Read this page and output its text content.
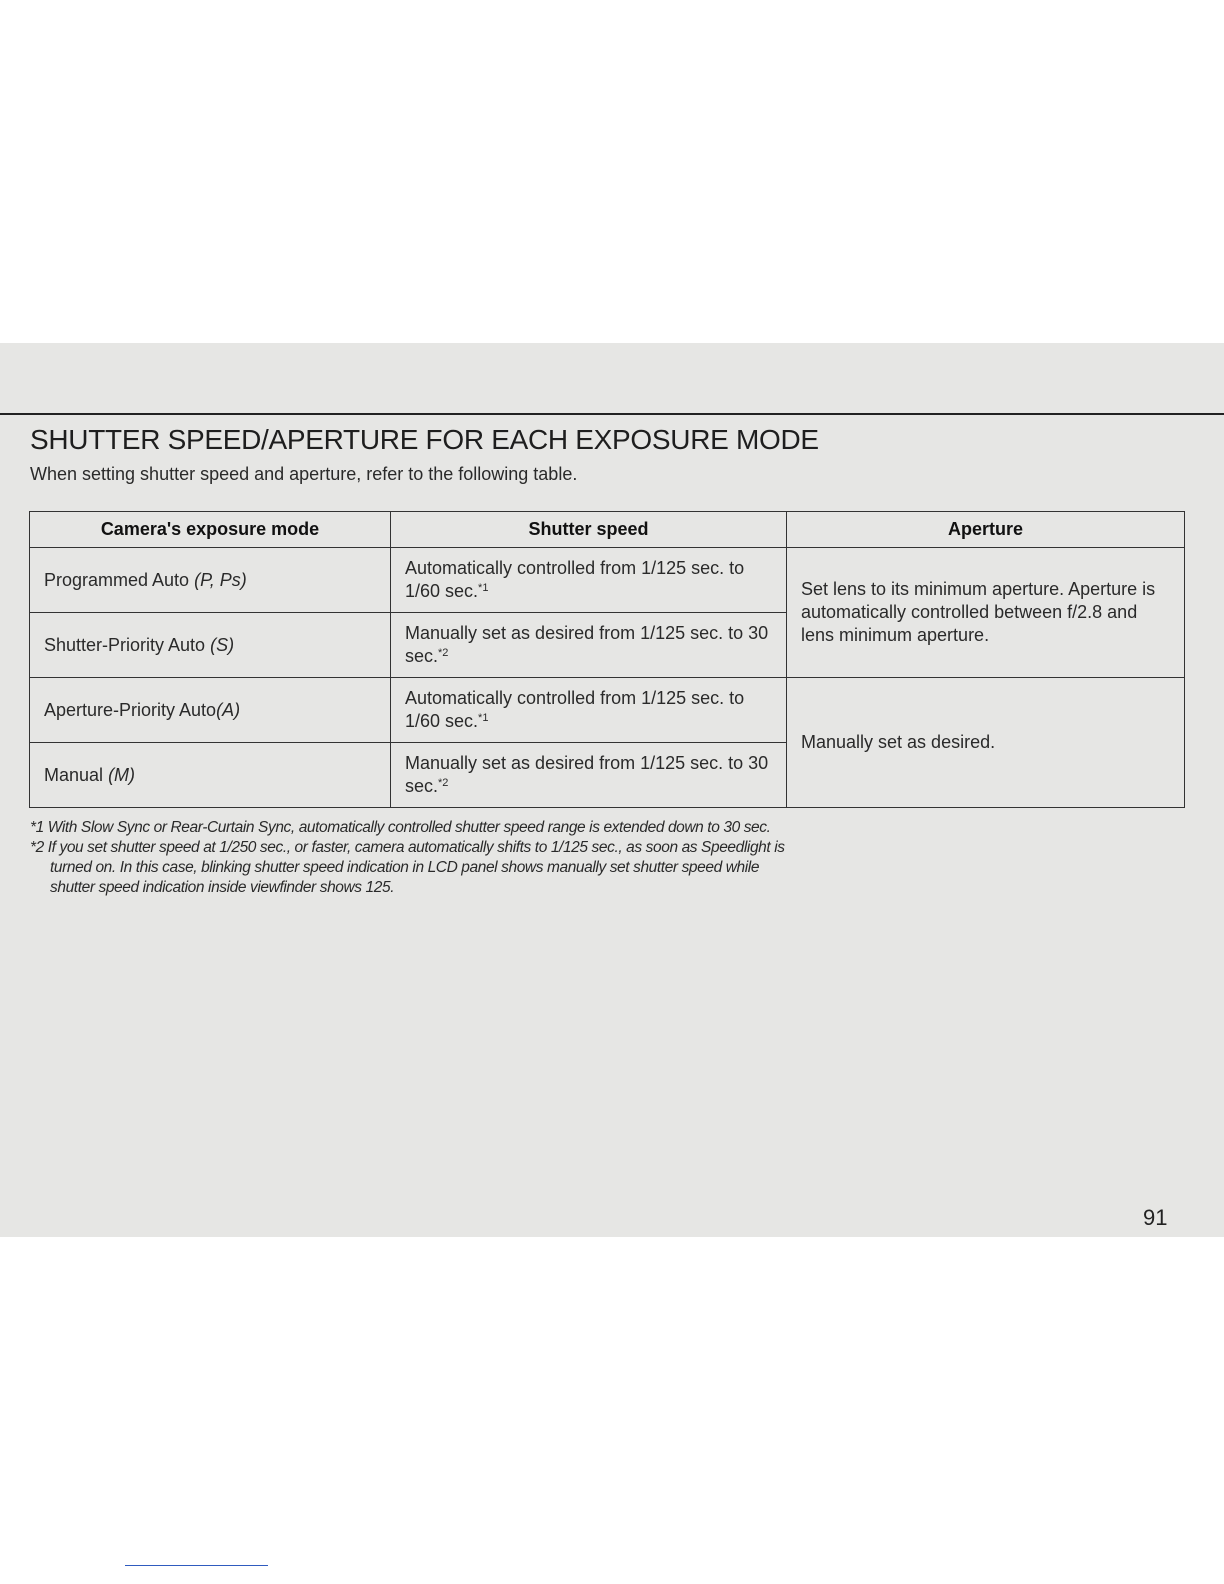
SHUTTER SPEED/APERTURE FOR EACH EXPOSURE MODE
When setting shutter speed and aperture, refer to the following table.
Camera's exposure mode	Shutter speed	Aperture
Programmed Auto (P, Ps)	Automatically controlled from 1/125 sec. to 1/60 sec.$^{*1}$	Set lens to its minimum aperture. Aperture is automatically controlled between f/2.8 and lens minimum aperture.
Shutter-Priority Auto (S)	Manually set as desired from 1/125 sec. to 30 sec.$^{*2}$
Aperture-Priority Auto(A)	Automatically controlled from 1/125 sec. to 1/60 sec.$^{*1}$	Manually set as desired.
Manual (M)	Manually set as desired from 1/125 sec. to 30 sec.$^{*2}$
*1 With Slow Sync or Rear-Curtain Sync, automatically controlled shutter speed range is extended down to 30 sec.
*2 If you set shutter speed at 1/250 sec., or faster, camera automatically shifts to 1/125 sec., as soon as Speedlight is turned on. In this case, blinking shutter speed indication in LCD panel shows manually set shutter speed while shutter speed indication inside viewfinder shows 125.
91
